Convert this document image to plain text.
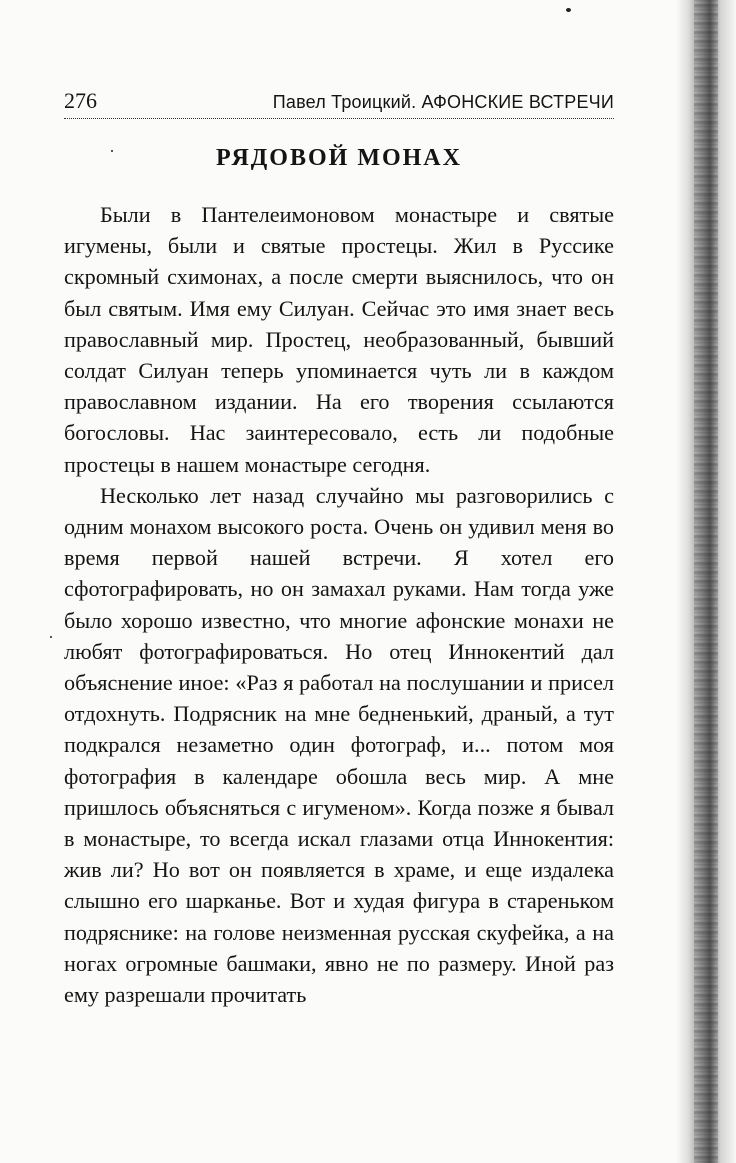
276	Павел Троицкий. АФОНСКИЕ ВСТРЕЧИ
РЯДОВОЙ МОНАХ

Были в Пантелеимоновом монастыре и святые игумены, были и святые простецы. Жил в Руссике скромный схимонах, а после смерти выяснилось, что он был святым. Имя ему Силуан. Сейчас это имя знает весь православный мир. Простец, необразованный, бывший солдат Силуан теперь упоминается чуть ли в каждом православном издании. На его творения ссылаются богословы. Нас заинтересовало, есть ли подобные простецы в нашем монастыре сегодня.

Несколько лет назад случайно мы разговорились с одним монахом высокого роста. Очень он удивил меня во время первой нашей встречи. Я хотел его сфотографировать, но он замахал руками. Нам тогда уже было хорошо известно, что многие афонские монахи не любят фотографироваться. Но отец Иннокентий дал объяснение иное: «Раз я работал на послушании и присел отдохнуть. Подрясник на мне бедненький, драный, а тут подкрался незаметно один фотограф, и... потом моя фотография в календаре обошла весь мир. А мне пришлось объясняться с игуменом». Когда позже я бывал в монастыре, то всегда искал глазами отца Иннокентия: жив ли? Но вот он появляется в храме, и еще издалека слышно его шарканье. Вот и худая фигура в стареньком подряснике: на голове неизменная русская скуфейка, а на ногах огромные башмаки, явно не по размеру. Иной раз ему разрешали прочитать
